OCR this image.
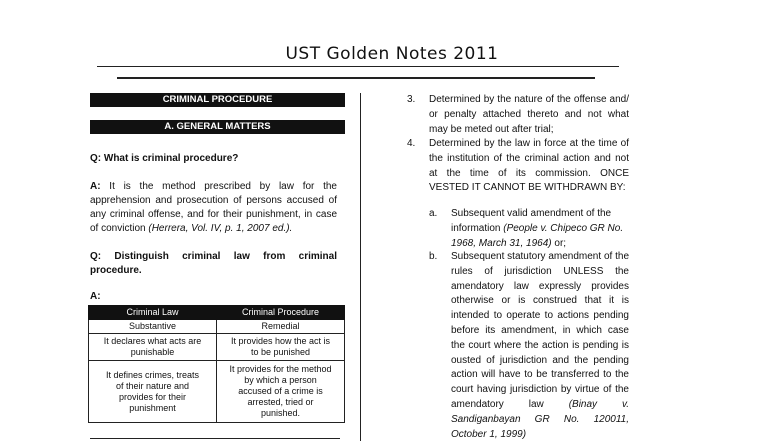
UST Golden Notes 2011
CRIMINAL PROCEDURE
A. GENERAL MATTERS
Q: What is criminal procedure?
A: It is the method prescribed by law for the apprehension and prosecution of persons accused of any criminal offense, and for their punishment, in case of conviction (Herrera, Vol. IV, p. 1, 2007 ed.).
Q: Distinguish criminal law from criminal procedure.
A:
Criminal Law	Criminal Procedure
Substantive	Remedial
It declares what acts are punishable	It provides how the act is to be punished
It defines crimes, treats of their nature and provides for their punishment	It provides for the method by which a person accused of a crime is arrested, tried or punished.
3.	Determined by the nature of the offense and/ or penalty attached thereto and not what may be meted out after trial;
4.	Determined by the law in force at the time of the institution of the criminal action and not at the time of its commission. ONCE VESTED IT CANNOT BE WITHDRAWN BY:
a.	Subsequent valid amendment of the information (People v. Chipeco GR No. 1968, March 31, 1964) or;
b.	Subsequent statutory amendment of the rules of jurisdiction UNLESS the amendatory law expressly provides otherwise or is construed that it is intended to operate to actions pending before its amendment, in which case the court where the action is pending is ousted of jurisdiction and the pending action will have to be transferred to the court having jurisdiction by virtue of the amendatory law (Binay v. Sandiganbayan GR No. 120011, October 1, 1999)
